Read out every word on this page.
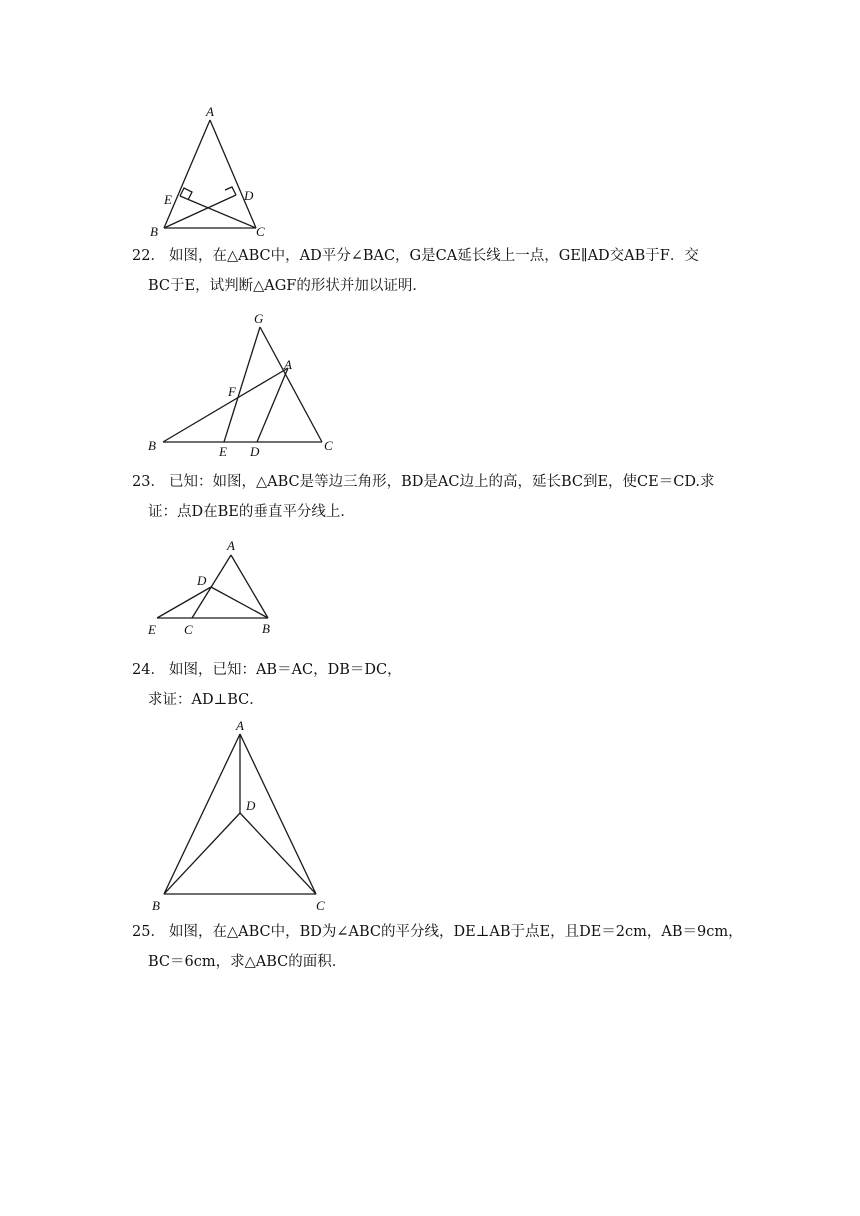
A
B	C
D
E
22． 如图，在△ABC中，AD平分∠BAC，G是CA延长线上一点，GE∥AD交AB于F．交
BC于E，试判断△AGF的形状并加以证明．
G
A
F
B	E D	C
23． 已知：如图，△ABC是等边三角形，BD是AC边上的高，延长BC到E，使CE＝CD.求
证：点D在BE的垂直平分线上．
A
D
E C	B
24． 如图，已知：AB＝AC，DB＝DC，
求证：AD⊥BC．
A
D
B	C
25． 如图，在△ABC中，BD为∠ABC的平分线，DE⊥AB于点E，且DE＝2cm，AB＝9cm，
BC＝6cm，求△ABC的面积．
